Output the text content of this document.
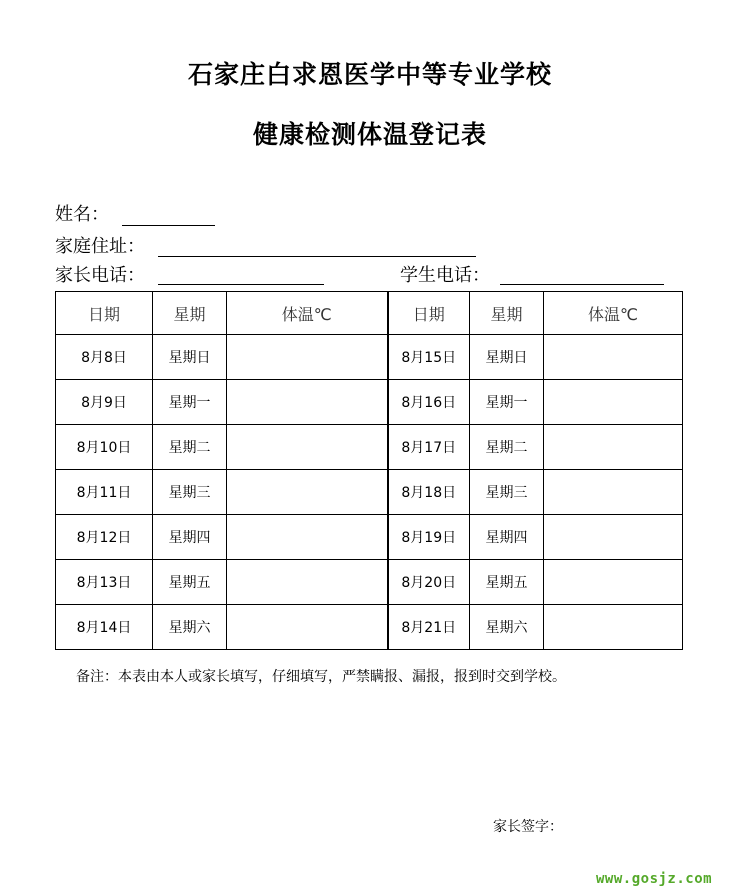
石家庄白求恩医学中等专业学校
健康检测体温登记表
姓名：
家庭住址：
家长电话：	学生电话：
日期	星期	体温℃	日期	星期	体温℃
8月8日	星期日		8月15日	星期日	
8月9日	星期一		8月16日	星期一	
8月10日	星期二		8月17日	星期二	
8月11日	星期三		8月18日	星期三	
8月12日	星期四		8月19日	星期四	
8月13日	星期五		8月20日	星期五	
8月14日	星期六		8月21日	星期六	
备注：本表由本人或家长填写，仔细填写，严禁瞒报、漏报，报到时交到学校。
家长签字：
www.gosjz.com
